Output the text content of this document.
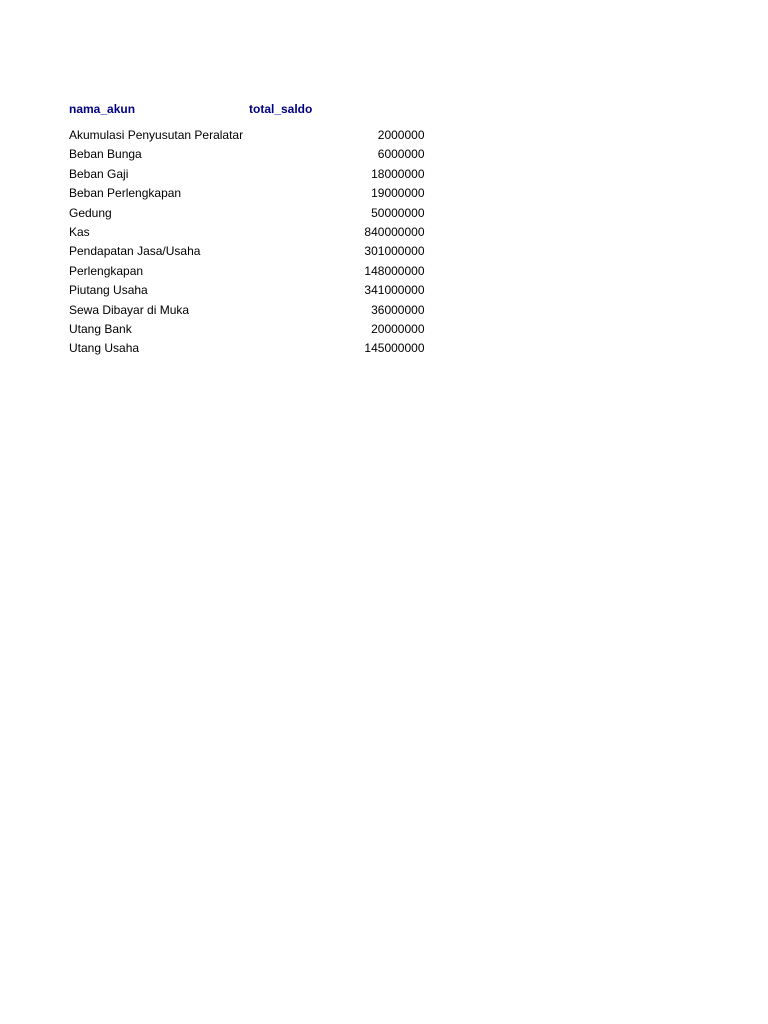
nama_akun	total_saldo
Akumulasi Penyusutan Peralatar	2000000
Beban Bunga	6000000
Beban Gaji	18000000
Beban Perlengkapan	19000000
Gedung	50000000
Kas	840000000
Pendapatan Jasa/Usaha	301000000
Perlengkapan	148000000
Piutang Usaha	341000000
Sewa Dibayar di Muka	36000000
Utang Bank	20000000
Utang Usaha	145000000
